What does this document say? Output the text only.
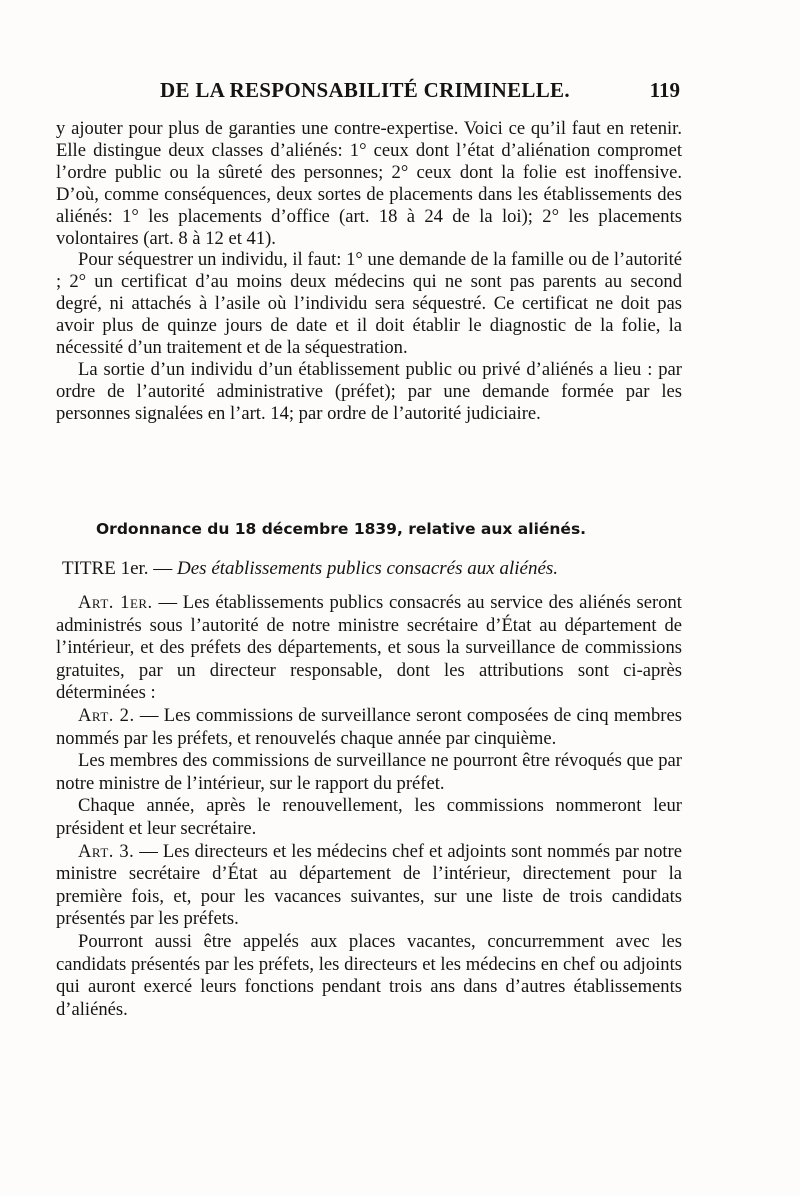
DE LA RESPONSABILITÉ CRIMINELLE.	119

y ajouter pour plus de garanties une contre-expertise. Voici ce qu’il faut en retenir. Elle distingue deux classes d’aliénés: 1° ceux dont l’état d’aliénation compromet l’ordre public ou la sûreté des personnes; 2° ceux dont la folie est inoffensive. D’où, comme conséquences, deux sortes de placements dans les établissements des aliénés: 1° les placements d’office (art. 18 à 24 de la loi); 2° les placements volontaires (art. 8 à 12 et 41).

Pour séquestrer un individu, il faut: 1° une demande de la famille ou de l’autorité ; 2° un certificat d’au moins deux médecins qui ne sont pas parents au second degré, ni attachés à l’asile où l’individu sera séquestré. Ce certificat ne doit pas avoir plus de quinze jours de date et il doit établir le diagnostic de la folie, la nécessité d’un traitement et de la séquestration.

La sortie d’un individu d’un établissement public ou privé d’aliénés a lieu : par ordre de l’autorité administrative (préfet); par une demande formée par les personnes signalées en l’art. 14; par ordre de l’autorité judiciaire.

Ordonnance du 18 décembre 1839, relative aux aliénés.
TITRE 1er. — Des établissements publics consacrés aux aliénés.

Art. 1er. — Les établissements publics consacrés au service des aliénés seront administrés sous l’autorité de notre ministre secrétaire d’État au département de l’intérieur, et des préfets des départements, et sous la surveillance de commissions gratuites, par un directeur responsable, dont les attributions sont ci-après déterminées :

Art. 2. — Les commissions de surveillance seront composées de cinq membres nommés par les préfets, et renouvelés chaque année par cinquième.

Les membres des commissions de surveillance ne pourront être révoqués que par notre ministre de l’intérieur, sur le rapport du préfet.

Chaque année, après le renouvellement, les commissions nommeront leur président et leur secrétaire.

Art. 3. — Les directeurs et les médecins chef et adjoints sont nommés par notre ministre secrétaire d’État au département de l’intérieur, directement pour la première fois, et, pour les vacances suivantes, sur une liste de trois candidats présentés par les préfets.

Pourront aussi être appelés aux places vacantes, concurremment avec les candidats présentés par les préfets, les directeurs et les médecins en chef ou adjoints qui auront exercé leurs fonctions pendant trois ans dans d’autres établissements d’aliénés.
